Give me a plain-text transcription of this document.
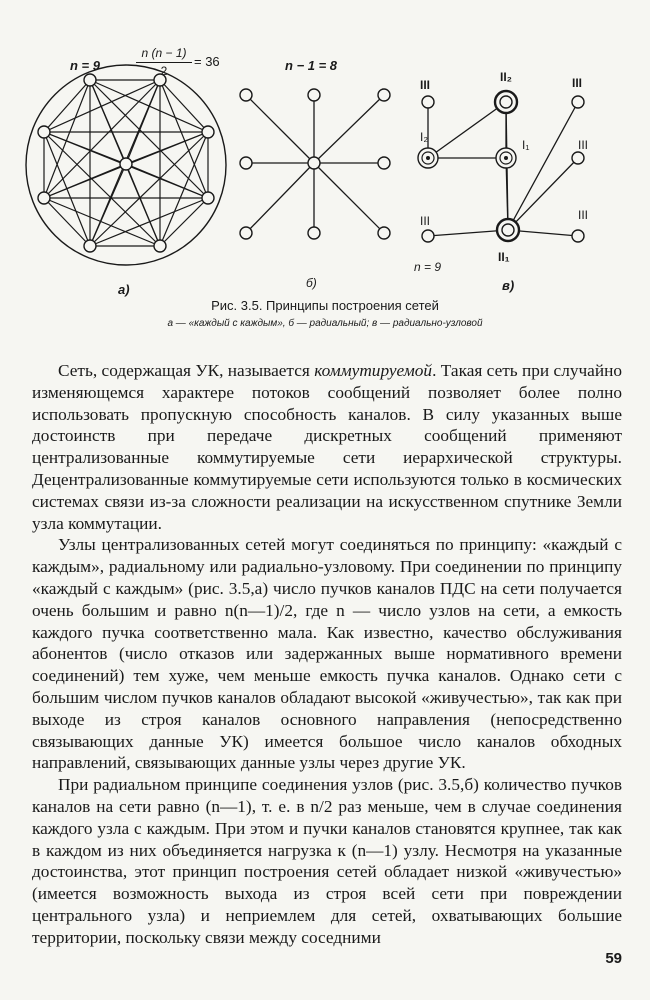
n = 9
n (n − 1)
2
= 36
а)
n − 1 = 8
б)
III
II₂	III
I₂
I₁	III
III	III
II₁
n = 9
в)
Рис. 3.5. Принципы построения сетей
а — «каждый с каждым», б — радиальный; в — радиально-узловой

Сеть, содержащая УК, называется коммутируемой. Такая сеть при случайно изменяющемся характере потоков сообщений позволяет более полно использовать пропускную способность каналов. В силу указанных выше достоинств при передаче дискретных сообщений применяют централизованные коммутируемые сети иерархической структуры. Децентрализованные коммутируемые сети используются только в космических системах связи из-за сложности реализации на искусственном спутнике Земли узла коммутации.

Узлы централизованных сетей могут соединяться по принципу: «каждый с каждым», радиальному или радиально-узловому. При соединении по принципу «каждый с каждым» (рис. 3.5,а) число пучков каналов ПДС на сети получается очень большим и равно n(n—1)/2, где n — число узлов на сети, а емкость каждого пучка соответственно мала. Как известно, качество обслуживания абонентов (число отказов или задержанных выше нормативного времени соединений) тем хуже, чем меньше емкость пучка каналов. Однако сети с большим числом пучков каналов обладают высокой «живучестью», так как при выходе из строя каналов основного направления (непосредственно связывающих данные УК) имеется большое число каналов обходных направлений, связывающих данные узлы через другие УК.

При радиальном принципе соединения узлов (рис. 3.5,б) количество пучков каналов на сети равно (n—1), т. е. в n/2 раз меньше, чем в случае соединения каждого узла с каждым. При этом и пучки каналов становятся крупнее, так как в каждом из них объединяется нагрузка к (n—1) узлу. Несмотря на указанные достоинства, этот принцип построения сетей обладает низкой «живучестью» (имеется возможность выхода из строя всей сети при повреждении центрального узла) и неприемлем для сетей, охватывающих большие территории, поскольку связи между соседними

59
